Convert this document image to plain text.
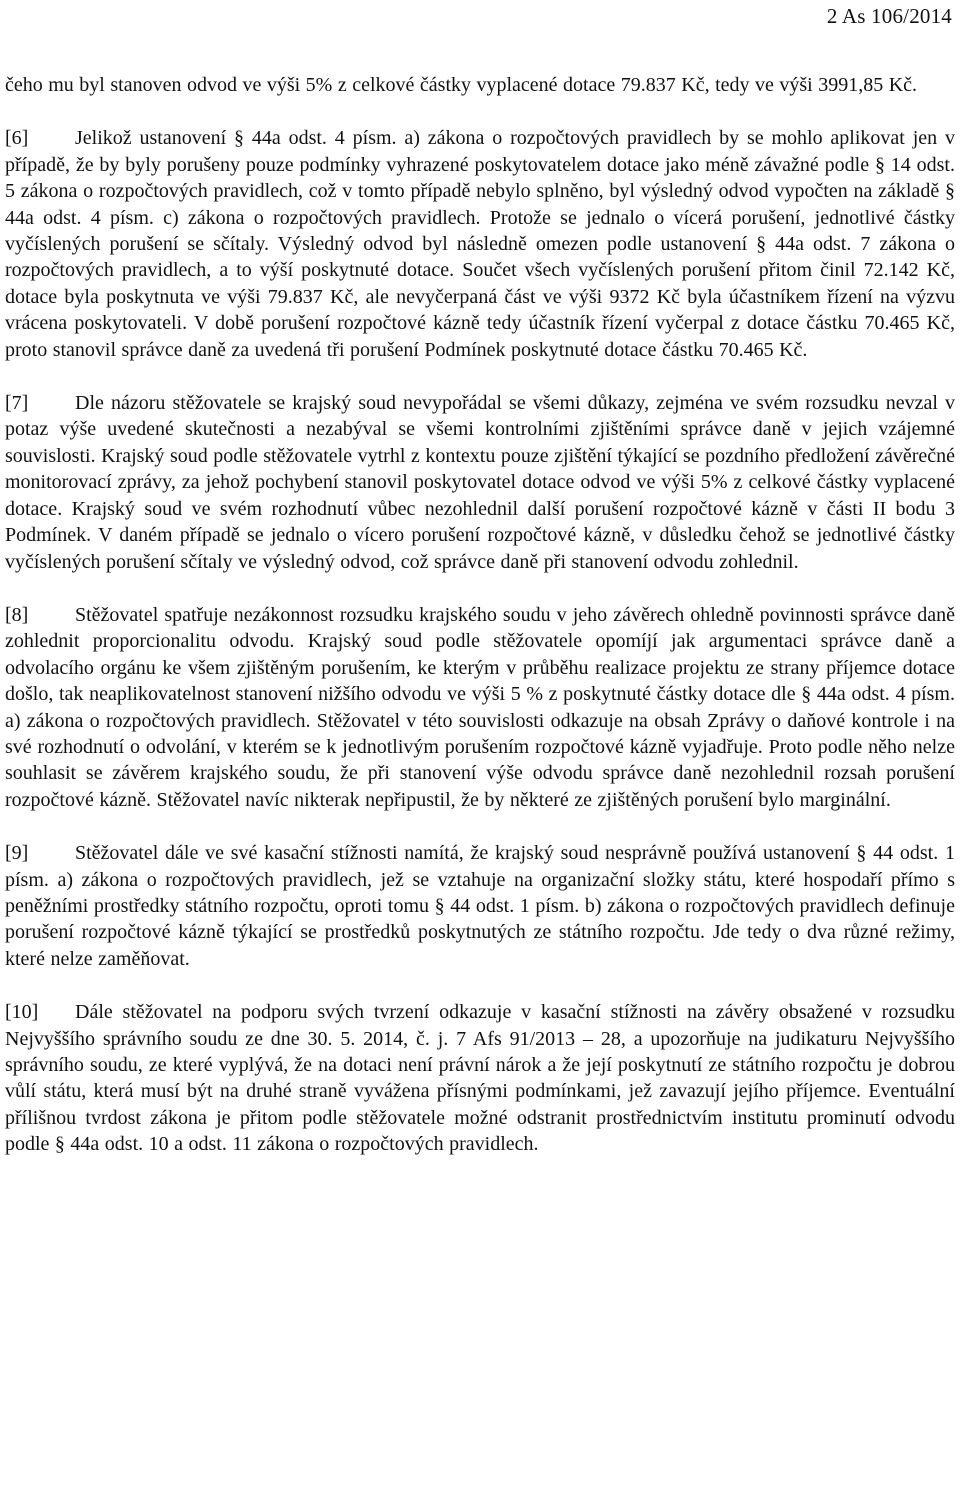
2 As 106/2014

čeho mu byl stanoven odvod ve výši 5% z celkové částky vyplacené dotace 79.837 Kč, tedy ve výši 3991,85 Kč.

[6] Jelikož ustanovení § 44a odst. 4 písm. a) zákona o rozpočtových pravidlech by se mohlo aplikovat jen v případě, že by byly porušeny pouze podmínky vyhrazené poskytovatelem dotace jako méně závažné podle § 14 odst. 5 zákona o rozpočtových pravidlech, což v tomto případě nebylo splněno, byl výsledný odvod vypočten na základě § 44a odst. 4 písm. c) zákona o rozpočtových pravidlech. Protože se jednalo o vícerá porušení, jednotlivé částky vyčíslených porušení se sčítaly. Výsledný odvod byl následně omezen podle ustanovení § 44a odst. 7 zákona o rozpočtových pravidlech, a to výší poskytnuté dotace. Součet všech vyčíslených porušení přitom činil 72.142 Kč, dotace byla poskytnuta ve výši 79.837 Kč, ale nevyčerpaná část ve výši 9372 Kč byla účastníkem řízení na výzvu vrácena poskytovateli. V době porušení rozpočtové kázně tedy účastník řízení vyčerpal z dotace částku 70.465 Kč, proto stanovil správce daně za uvedená tři porušení Podmínek poskytnuté dotace částku 70.465 Kč.

[7] Dle názoru stěžovatele se krajský soud nevypořádal se všemi důkazy, zejména ve svém rozsudku nevzal v potaz výše uvedené skutečnosti a nezabýval se všemi kontrolními zjištěními správce daně v jejich vzájemné souvislosti. Krajský soud podle stěžovatele vytrhl z kontextu pouze zjištění týkající se pozdního předložení závěrečné monitorovací zprávy, za jehož pochybení stanovil poskytovatel dotace odvod ve výši 5% z celkové částky vyplacené dotace. Krajský soud ve svém rozhodnutí vůbec nezohlednil další porušení rozpočtové kázně v části II bodu 3 Podmínek. V daném případě se jednalo o vícero porušení rozpočtové kázně, v důsledku čehož se jednotlivé částky vyčíslených porušení sčítaly ve výsledný odvod, což správce daně při stanovení odvodu zohlednil.

[8] Stěžovatel spatřuje nezákonnost rozsudku krajského soudu v jeho závěrech ohledně povinnosti správce daně zohlednit proporcionalitu odvodu. Krajský soud podle stěžovatele opomíjí jak argumentaci správce daně a odvolacího orgánu ke všem zjištěným porušením, ke kterým v průběhu realizace projektu ze strany příjemce dotace došlo, tak neaplikovatelnost stanovení nižšího odvodu ve výši 5 % z poskytnuté částky dotace dle § 44a odst. 4 písm. a) zákona o rozpočtových pravidlech. Stěžovatel v této souvislosti odkazuje na obsah Zprávy o daňové kontrole i na své rozhodnutí o odvolání, v kterém se k jednotlivým porušením rozpočtové kázně vyjadřuje. Proto podle něho nelze souhlasit se závěrem krajského soudu, že při stanovení výše odvodu správce daně nezohlednil rozsah porušení rozpočtové kázně. Stěžovatel navíc nikterak nepřipustil, že by některé ze zjištěných porušení bylo marginální.

[9] Stěžovatel dále ve své kasační stížnosti namítá, že krajský soud nesprávně používá ustanovení § 44 odst. 1 písm. a) zákona o rozpočtových pravidlech, jež se vztahuje na organizační složky státu, které hospodaří přímo s peněžními prostředky státního rozpočtu, oproti tomu § 44 odst. 1 písm. b) zákona o rozpočtových pravidlech definuje porušení rozpočtové kázně týkající se prostředků poskytnutých ze státního rozpočtu. Jde tedy o dva různé režimy, které nelze zaměňovat.

[10] Dále stěžovatel na podporu svých tvrzení odkazuje v kasační stížnosti na závěry obsažené v rozsudku Nejvyššího správního soudu ze dne 30. 5. 2014, č. j. 7 Afs 91/2013 – 28, a upozorňuje na judikaturu Nejvyššího správního soudu, ze které vyplývá, že na dotaci není právní nárok a že její poskytnutí ze státního rozpočtu je dobrou vůlí státu, která musí být na druhé straně vyvážena přísnými podmínkami, jež zavazují jejího příjemce. Eventuální přílišnou tvrdost zákona je přitom podle stěžovatele možné odstranit prostřednictvím institutu prominutí odvodu podle § 44a odst. 10 a odst. 11 zákona o rozpočtových pravidlech.
